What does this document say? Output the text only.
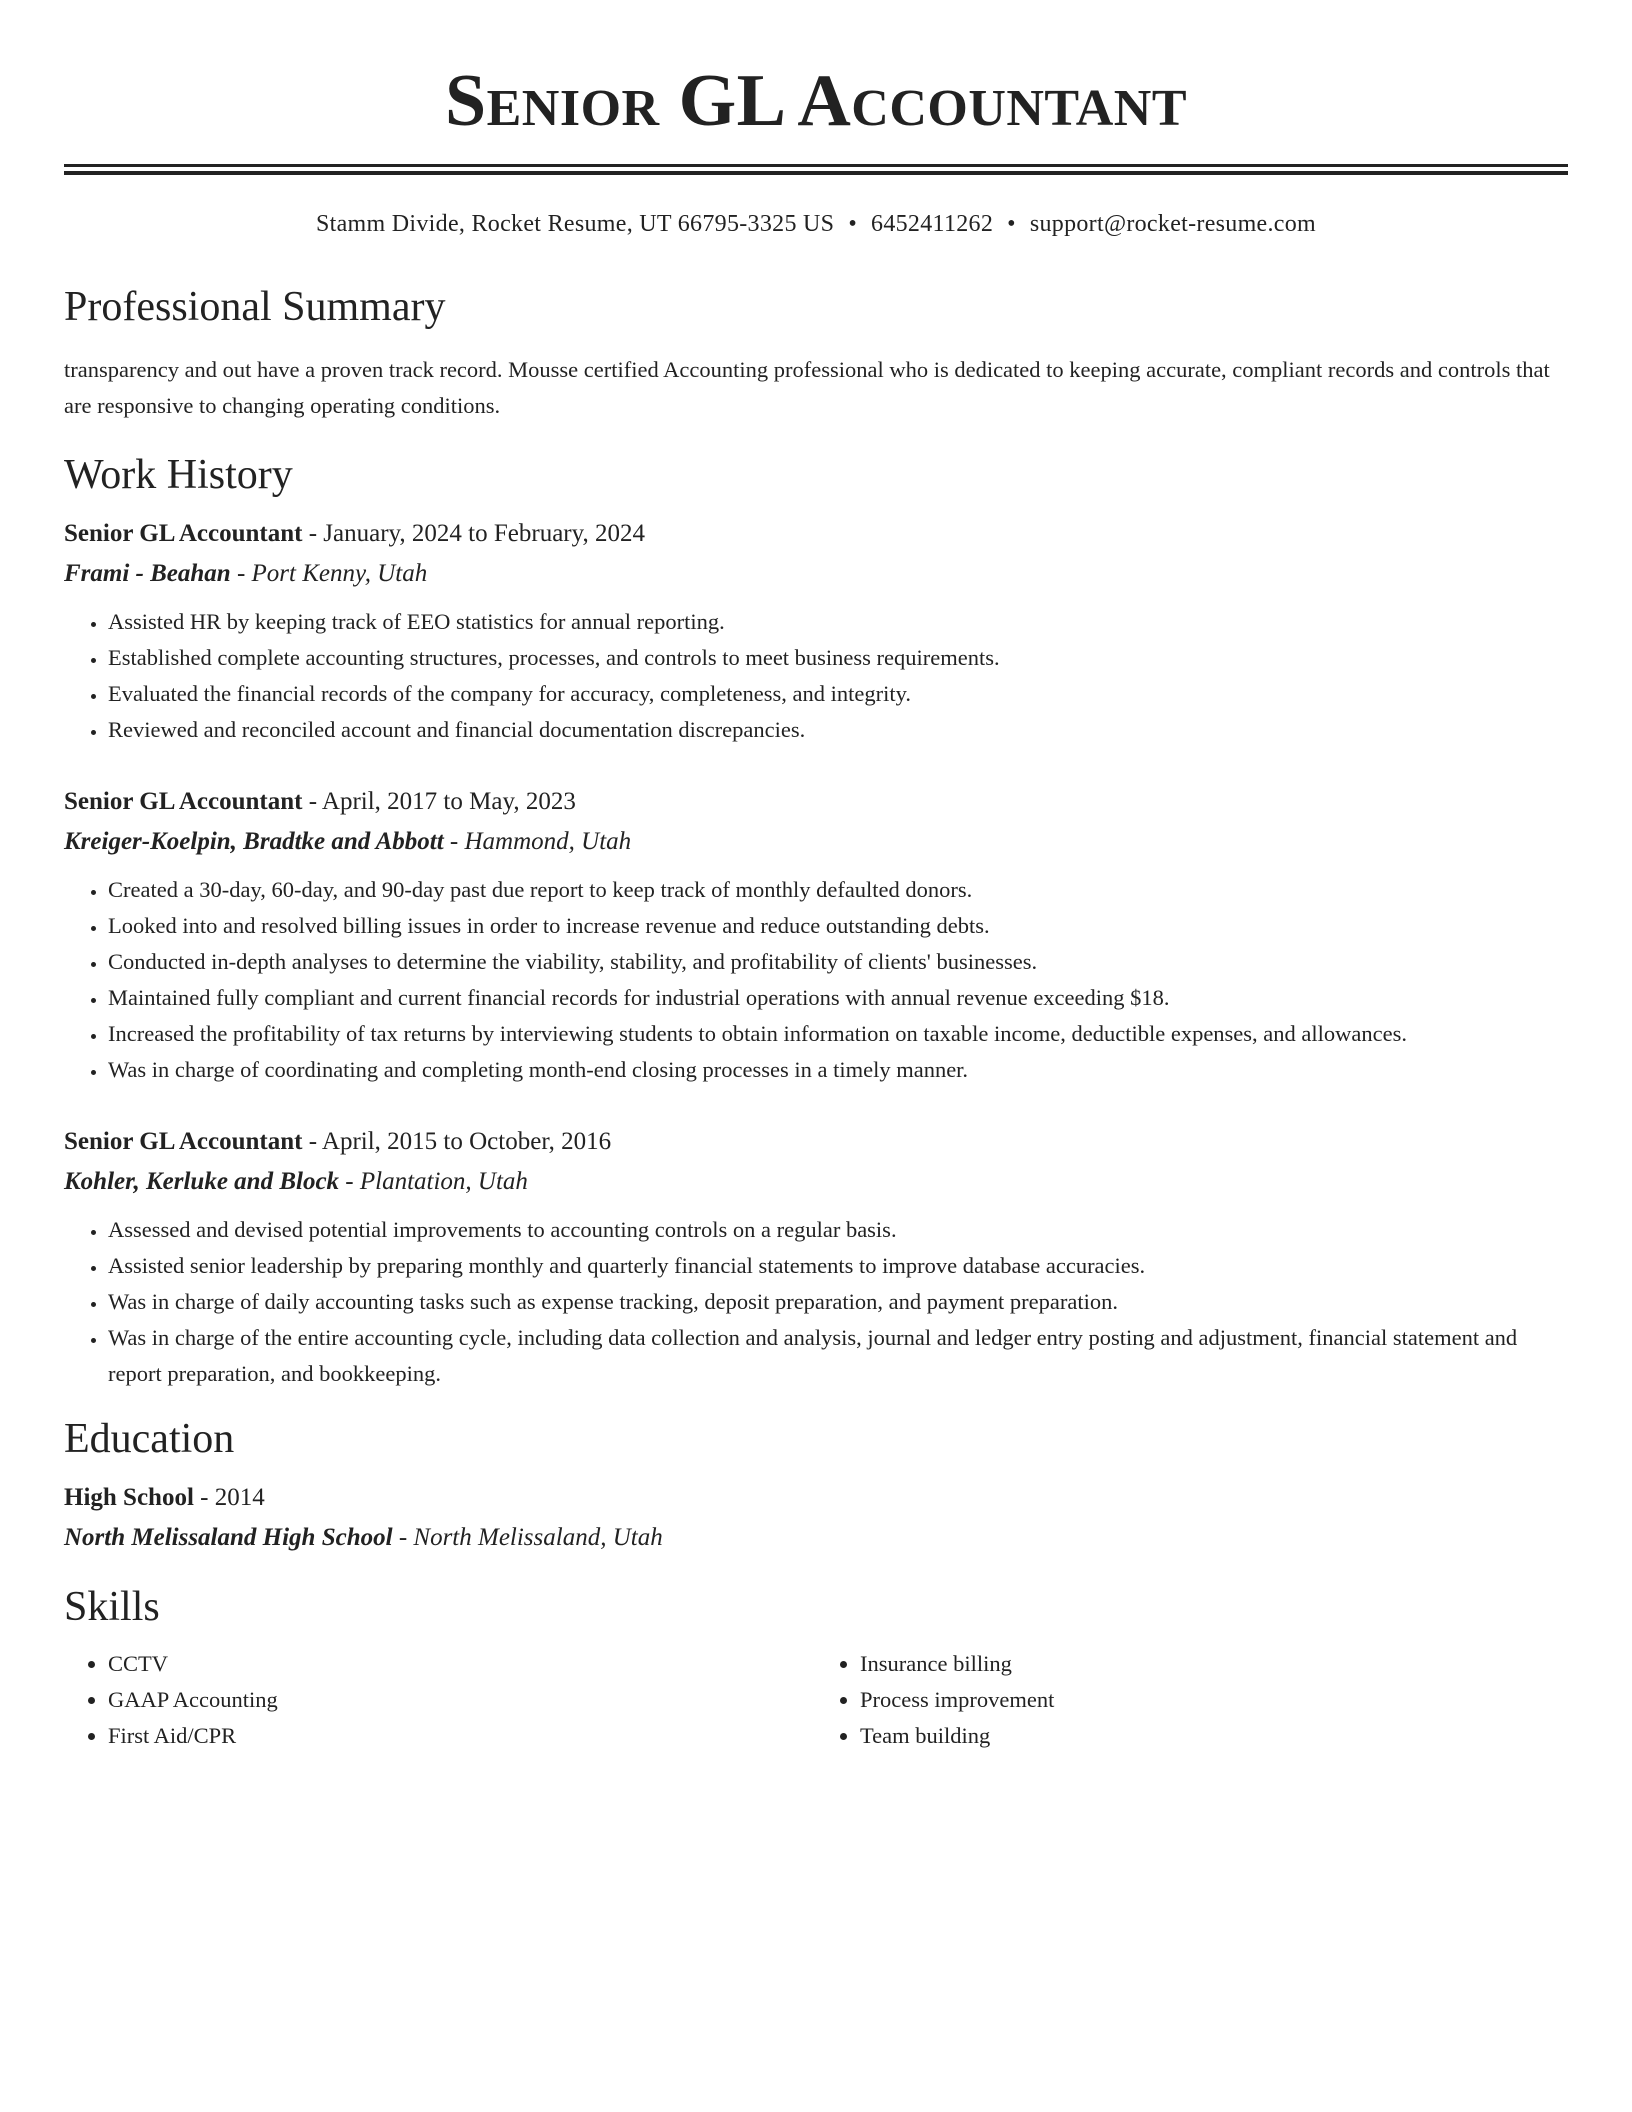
Senior GL Accountant
Stamm Divide, Rocket Resume, UT 66795-3325 US • 6452411262 • support@rocket-resume.com
Professional Summary

transparency and out have a proven track record. Mousse certified Accounting professional who is dedicated to keeping accurate, compliant records and controls that are responsive to changing operating conditions.

Work History
Senior GL Accountant - January, 2024 to February, 2024
Frami - Beahan - Port Kenny, Utah
• Assisted HR by keeping track of EEO statistics for annual reporting.
• Established complete accounting structures, processes, and controls to meet business requirements.
• Evaluated the financial records of the company for accuracy, completeness, and integrity.
• Reviewed and reconciled account and financial documentation discrepancies.
Senior GL Accountant - April, 2017 to May, 2023
Kreiger-Koelpin, Bradtke and Abbott - Hammond, Utah
• Created a 30-day, 60-day, and 90-day past due report to keep track of monthly defaulted donors.
• Looked into and resolved billing issues in order to increase revenue and reduce outstanding debts.
• Conducted in-depth analyses to determine the viability, stability, and profitability of clients' businesses.
• Maintained fully compliant and current financial records for industrial operations with annual revenue exceeding $18.
• Increased the profitability of tax returns by interviewing students to obtain information on taxable income, deductible expenses, and allowances.
• Was in charge of coordinating and completing month-end closing processes in a timely manner.
Senior GL Accountant - April, 2015 to October, 2016
Kohler, Kerluke and Block - Plantation, Utah
• Assessed and devised potential improvements to accounting controls on a regular basis.
• Assisted senior leadership by preparing monthly and quarterly financial statements to improve database accuracies.
• Was in charge of daily accounting tasks such as expense tracking, deposit preparation, and payment preparation.
• Was in charge of the entire accounting cycle, including data collection and analysis, journal and ledger entry posting and adjustment, financial statement and report preparation, and bookkeeping.
Education
High School - 2014
North Melissaland High School - North Melissaland, Utah
Skills
• CCTV
• GAAP Accounting
• First Aid/CPR
• Insurance billing
• Process improvement
• Team building
